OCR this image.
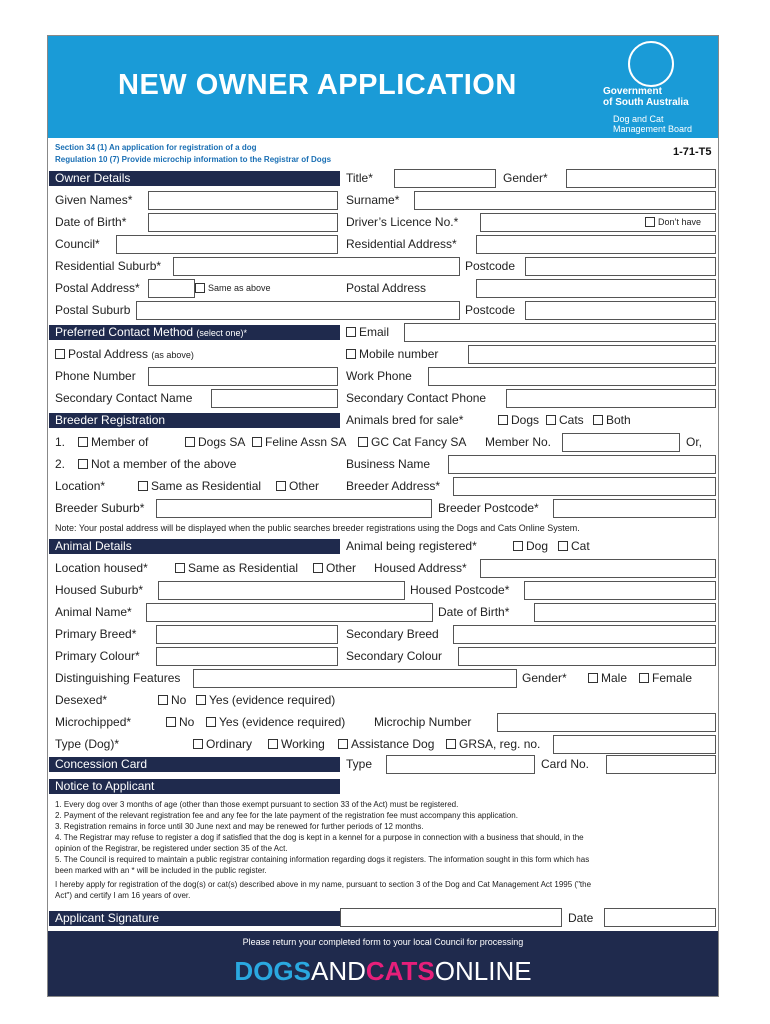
NEW OWNER APPLICATION	Government
of South Australia
Dog and Cat
Management Board
Section 34 (1) An application for registration of a dog
Regulation 10 (7) Provide microchip information to the Registrar of Dogs
1-71-T5
Owner Details	Title*	Gender*
Given Names*	Surname*
Date of Birth*	Driver’s Licence No.*	Don’t have
Council*	Residential Address*
Residential Suburb*	Postcode
Postal Address*	Same as above	Postal Address
Postal Suburb	Postcode
Preferred Contact Method (select one)*	Email
Postal Address (as above)	Mobile number
Phone Number	Work Phone
Secondary Contact Name	Secondary Contact Phone
Breeder Registration	Animals bred for sale*	Dogs	Cats	Both
1.	Member of	Dogs SA	Feline Assn SA	GC Cat Fancy SA Member No.	Or,
2.	Not a member of the above	Business Name
Location*	Same as Residential	Other Breeder Address*
Breeder Suburb*	Breeder Postcode*
Note: Your postal address will be displayed when the public searches breeder registrations using the Dogs and Cats Online System.
Animal Details	Animal being registered*	Dog	Cat
Location housed*	Same as Residential	Other Housed Address*
Housed Suburb*	Housed Postcode*
Animal Name*	Date of Birth*
Primary Breed*	Secondary Breed
Primary Colour*	Secondary Colour
Distinguishing Features	Gender*	Male	Female
Desexed*	No	Yes (evidence required)
Microchipped*	No	Yes (evidence required) Microchip Number
Type (Dog)*	Ordinary	Working	Assistance Dog	GRSA, reg. no.
Concession Card	Type	Card No.
Notice to Applicant
1. Every dog over 3 months of age (other than those exempt pursuant to section 33 of the Act) must be registered.
2. Payment of the relevant registration fee and any fee for the late payment of the registration fee must accompany this application.
3. Registration remains in force until 30 June next and may be renewed for further periods of 12 months.
4. The Registrar may refuse to register a dog if satisfied that the dog is kept in a kennel for a purpose in connection with a business that should, in the
opinion of the Registrar, be registered under section 35 of the Act.
5. The Council is required to maintain a public registrar containing information regarding dogs it registers. The information sought in this form which has
been marked with an * will be included in the public register.
I hereby apply for registration of the dog(s) or cat(s) described above in my name, pursuant to section 3 of the Dog and Cat Management Act 1995 ("the
Act") and certify I am 16 years of over.
Applicant Signature	Date
Please return your completed form to your local Council for processing
DOGSANDCATSONLINE
